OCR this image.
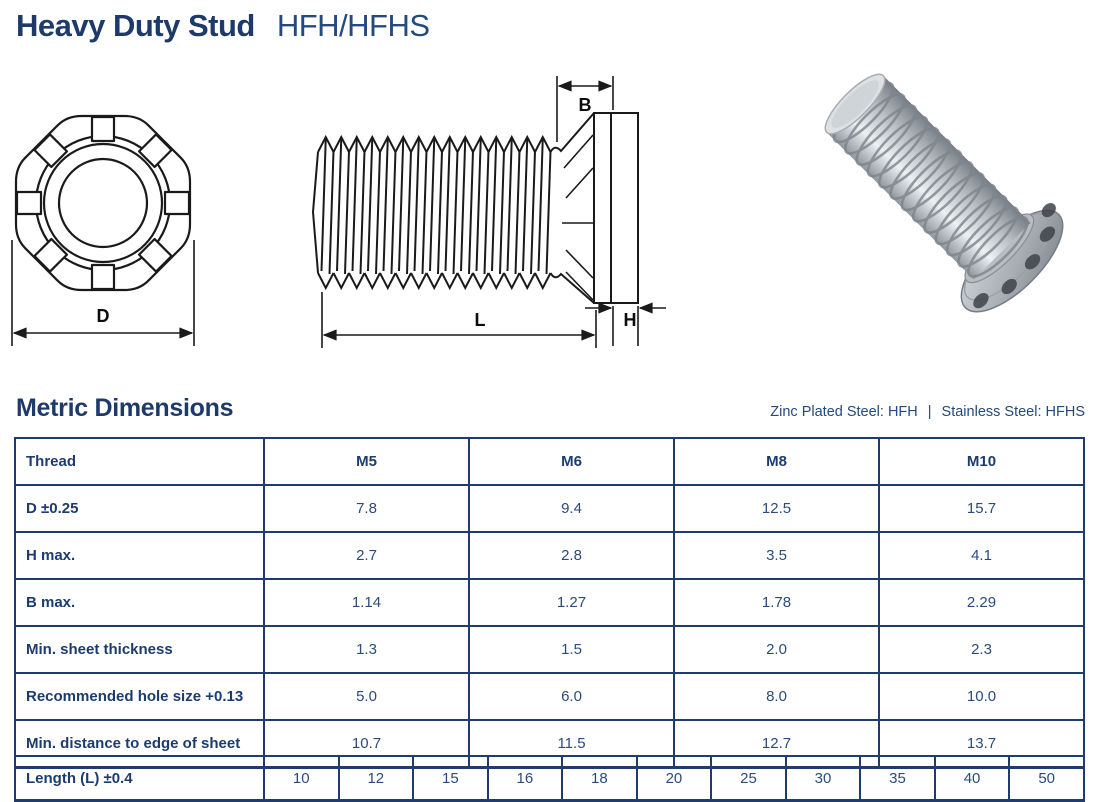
Heavy Duty Stud HFH/HFHS
D
B
L	H
Metric Dimensions	Zinc Plated Steel: HFH | Stainless Steel: HFHS
Thread	M5	M6	M8	M10
D ±0.25	7.8	9.4	12.5	15.7
H max.	2.7	2.8	3.5	4.1
B max.	1.14	1.27	1.78	2.29
Min. sheet thickness	1.3	1.5	2.0	2.3
Recommended hole size +0.13	5.0	6.0	8.0	10.0
Min. distance to edge of sheet	10.7	11.5	12.7	13.7
Length (L) ±0.4	10	12	15	16	18	20	25	30	35	40	50
